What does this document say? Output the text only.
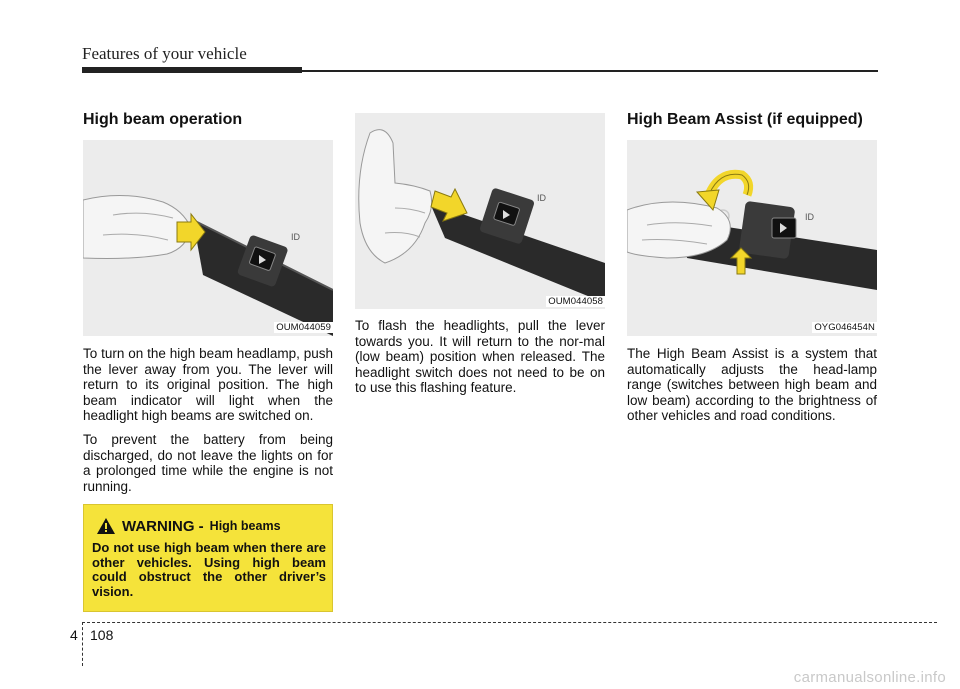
Features of your vehicle
High beam operation
ID
OUM044059

To turn on the high beam headlamp, push the lever away from you. The lever will return to its original position. The high beam indicator will light when the headlight high beams are switched on.

To prevent the battery from being discharged, do not leave the lights on for a prolonged time while the engine is not running.

ID
OUM044058

To flash the headlights, pull the lever towards you. It will return to the nor-mal (low beam) position when released. The headlight switch does not need to be on to use this flashing feature.

High Beam Assist (if equipped)
ID
OYG046454N

The High Beam Assist is a system that automatically adjusts the head-lamp range (switches between high beam and low beam) according to the brightness of other vehicles and road conditions.

WARNING - High beams
Do not use high beam when there are other vehicles. Using high beam could obstruct the other driver’s vision.
4 108
carmanualsonline.info
